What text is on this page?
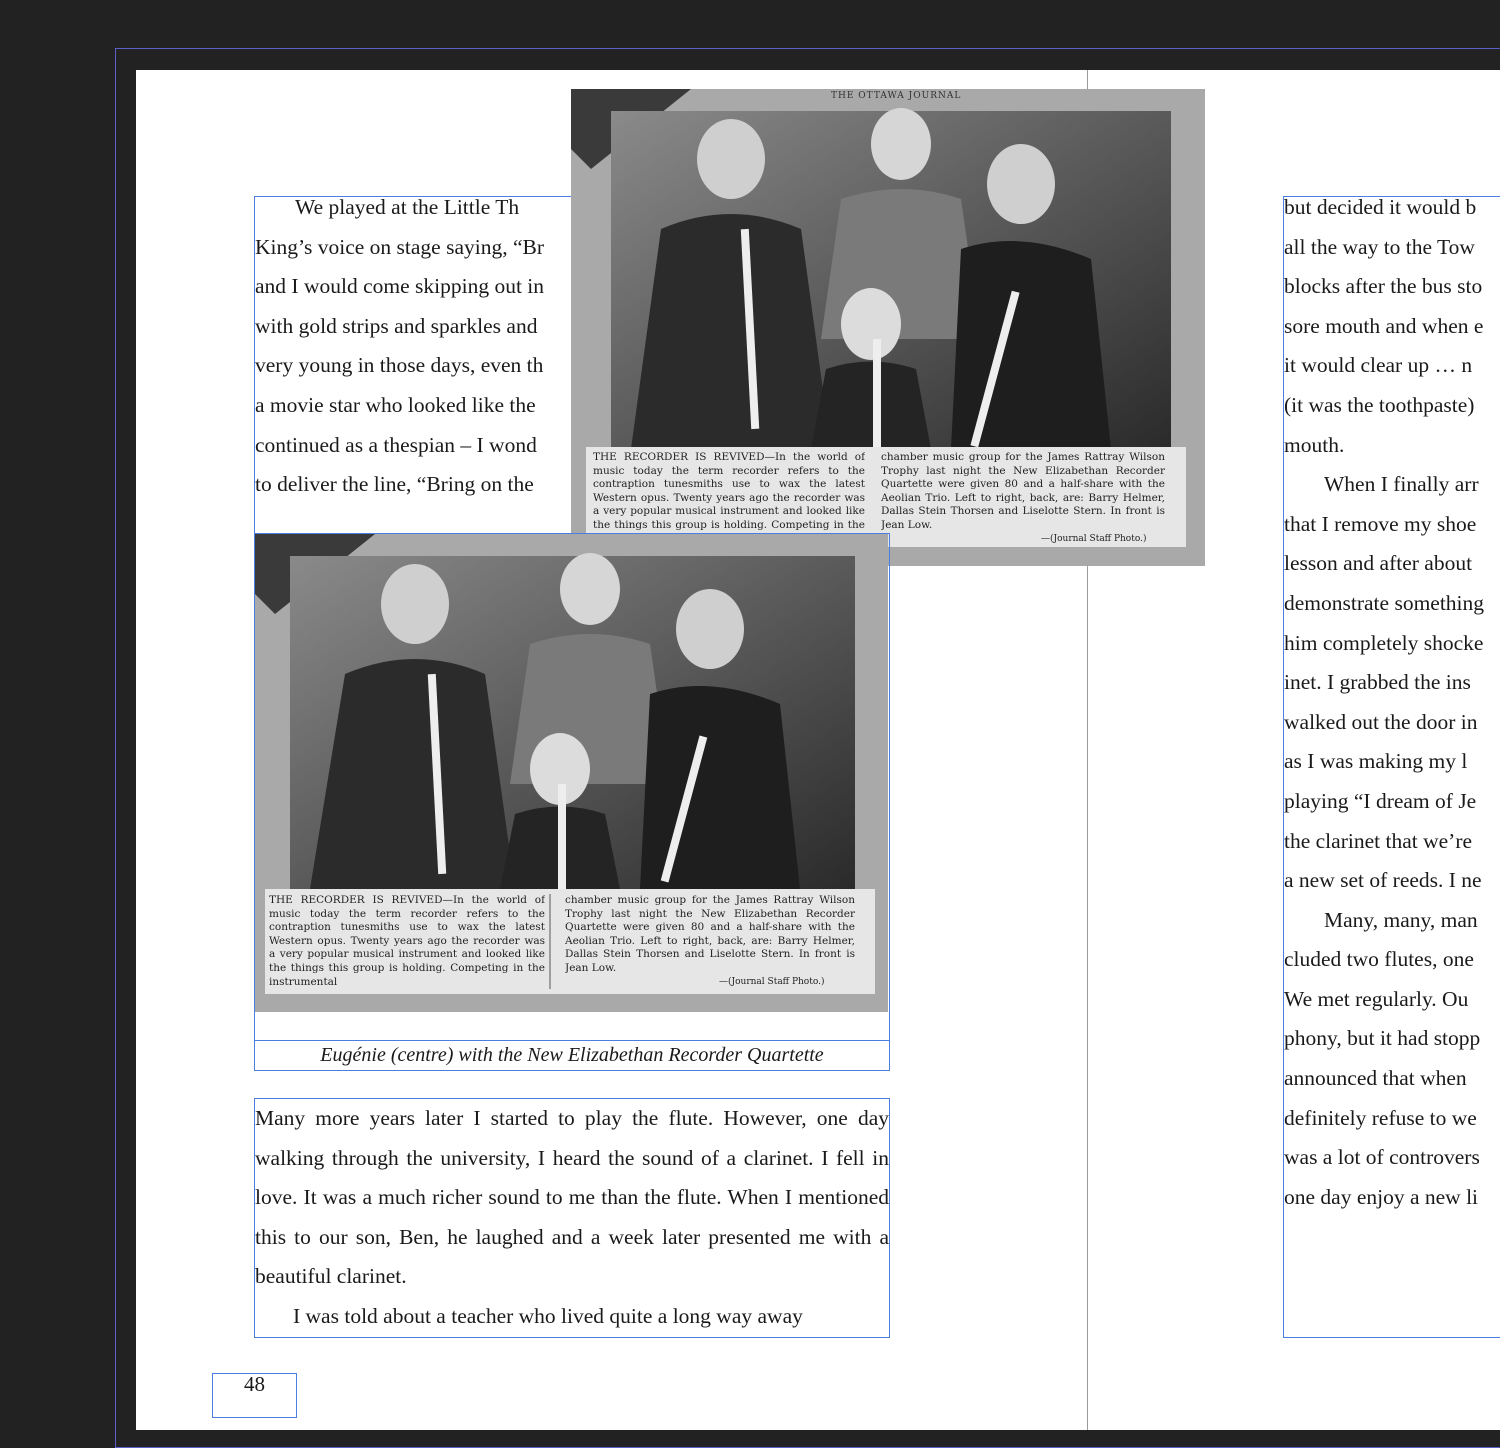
We played at the Little Th
King’s voice on stage saying, “Br
and I would come skipping out in
with gold strips and sparkles and
very young in those days, even th
a movie star who looked like the
continued as a thespian – I wond
to deliver the line, “Bring on the
THE OTTAWA JOURNAL
THE RECORDER IS REVIVED—In the world of music today the term recorder refers to the contraption tunesmiths use to wax the latest Western opus. Twenty years ago the recorder was a very popular musical instrument and looked like the things this group is holding. Competing in the
chamber music group for the James Rattray Wilson Trophy last night the New Elizabethan Recorder Quartette were given 80 and a half-share with the Aeolian Trio. Left to right, back, are: Barry Helmer, Dallas Stein Thorsen and Liselotte Stern. In front is Jean Low.
—(Journal Staff Photo.)
THE RECORDER IS REVIVED—In the world of music today the term recorder refers to the contraption tunesmiths use to wax the latest Western opus. Twenty years ago the recorder was a very popular musical instrument and looked like the things this group is holding. Competing in the instrumental
chamber music group for the James Rattray Wilson Trophy last night the New Elizabethan Recorder Quartette were given 80 and a half-share with the Aeolian Trio. Left to right, back, are: Barry Helmer, Dallas Stein Thorsen and Liselotte Stern. In front is Jean Low.
—(Journal Staff Photo.)
Eugénie (centre) with the New Elizabethan Recorder Quartette

Many more years later I started to play the flute. However, one day walking through the university, I heard the sound of a clarinet. I fell in love. It was a much richer sound to me than the flute. When I mentioned this to our son, Ben, he laughed and a week later presented me with a beautiful clarinet.

I was told about a teacher who lived quite a long way away

but decided it would b
all the way to the Tow
blocks after the bus sto
sore mouth and when e
it would clear up … n
(it was the toothpaste)
mouth.
When I finally arr
that I remove my shoe
lesson and after about
demonstrate something
him completely shocke
inet. I grabbed the ins
walked out the door in
as I was making my l
playing “I dream of Je
the clarinet that we’re
a new set of reeds. I ne
Many, many, man
cluded two flutes, one
We met regularly. Ou
phony, but it had stopp
announced that when
definitely refuse to we
was a lot of controvers
one day enjoy a new li
48
